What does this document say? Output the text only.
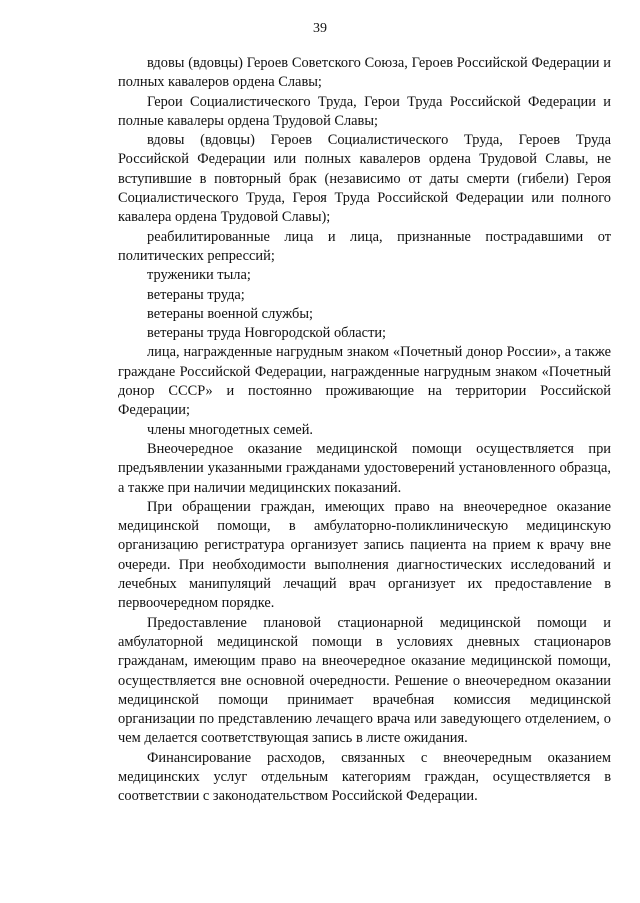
39

вдовы (вдовцы) Героев Советского Союза, Героев Российской Федерации и полных кавалеров ордена Славы;

Герои Социалистического Труда, Герои Труда Российской Федерации и полные кавалеры ордена Трудовой Славы;

вдовы (вдовцы) Героев Социалистического Труда, Героев Труда Российской Федерации или полных кавалеров ордена Трудовой Славы, не вступившие в повторный брак (независимо от даты смерти (гибели) Героя Социалистического Труда, Героя Труда Российской Федерации или полного кавалера ордена Трудовой Славы);

реабилитированные лица и лица, признанные пострадавшими от политических репрессий;

труженики тыла;

ветераны труда;

ветераны военной службы;

ветераны труда Новгородской области;

лица, награжденные нагрудным знаком «Почетный донор России», а также граждане Российской Федерации, награжденные нагрудным знаком «Почетный донор СССР» и постоянно проживающие на территории Российской Федерации;

члены многодетных семей.

Внеочередное оказание медицинской помощи осуществляется при предъявлении указанными гражданами удостоверений установленного образца, а также при наличии медицинских показаний.

При обращении граждан, имеющих право на внеочередное оказание медицинской помощи, в амбулаторно-поликлиническую медицинскую организацию регистратура организует запись пациента на прием к врачу вне очереди. При необходимости выполнения диагностических исследований и лечебных манипуляций лечащий врач организует их предоставление в первоочередном порядке.

Предоставление плановой стационарной медицинской помощи и амбулаторной медицинской помощи в условиях дневных стационаров гражданам, имеющим право на внеочередное оказание медицинской помощи, осуществляется вне основной очередности. Решение о внеочередном оказании медицинской помощи принимает врачебная комиссия медицинской организации по представлению лечащего врача или заведующего отделением, о чем делается соответствующая запись в листе ожидания.

Финансирование расходов, связанных с внеочередным оказанием медицинских услуг отдельным категориям граждан, осуществляется в соответствии с законодательством Российской Федерации.
